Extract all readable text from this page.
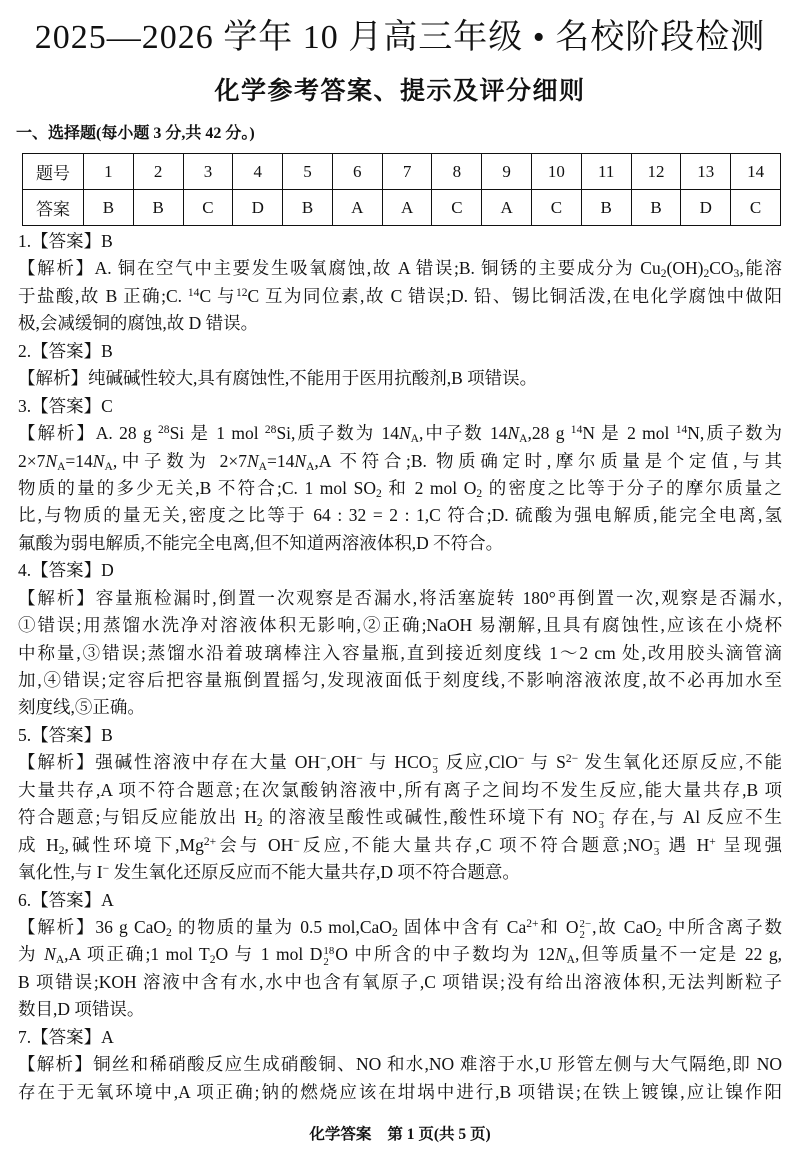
2025—2026 学年 10 月高三年级 • 名校阶段检测
化学参考答案、提示及评分细则
一、选择题(每小题 3 分,共 42 分。)
题号	1	2	3	4	5	6	7	8	9	10	11	12	13	14
答案	B	B	C	D	B	A	A	C	A	C	B	B	D	C
1.【答案】B
【解析】A. 铜在空气中主要发生吸氧腐蚀,故 A 错误;B. 铜锈的主要成分为 $Cu_2(OH)_2CO_3$,能溶
于盐酸,故 B 正确;C. $^{14}$C 与$^{12}$C 互为同位素,故 C 错误;D. 铅、锡比铜活泼,在电化学腐蚀中做阳
极,会减缓铜的腐蚀,故 D 错误。
2.【答案】B
【解析】纯碱碱性较大,具有腐蚀性,不能用于医用抗酸剂,B 项错误。
3.【答案】C
【解析】A. 28 g $^{28}$Si 是 1 mol $^{28}$Si,质子数为 $14N_A$,中子数 $14N_A,28$ g $^{14}$N 是 2 mol $^{14}$N,质子数为
$2\times 7N_A=14N_A$,中子数为 $2\times 7N_A=14N_A,A$ 不符合;B. 物质确定时,摩尔质量是个定值,与其
物质的量的多少无关,B 不符合;C. 1 mol $SO_2$ 和 2 mol $O_2$ 的密度之比等于分子的摩尔质量之
比,与物质的量无关,密度之比等于 64 : 32 = 2 : 1,C 符合;D. 硫酸为强电解质,能完全电离,氢
氟酸为弱电解质,不能完全电离,但不知道两溶液体积,D 不符合。
4.【答案】D
【解析】容量瓶检漏时,倒置一次观察是否漏水,将活塞旋转 180°再倒置一次,观察是否漏水,
①错误;用蒸馏水洗净对溶液体积无影响,②正确;NaOH 易潮解,且具有腐蚀性,应该在小烧杯
中称量,③错误;蒸馏水沿着玻璃棒注入容量瓶,直到接近刻度线 1～2 cm 处,改用胶头滴管滴
加,④错误;定容后把容量瓶倒置摇匀,发现液面低于刻度线,不影响溶液浓度,故不必再加水至
刻度线,⑤正确。
5.【答案】B
【解析】强碱性溶液中存在大量 OH−,OH− 与 HCO −
3 反应,ClO− 与 $S^{2-}$ 发生氧化还原反应,不能
大量共存,A 项不符合题意;在次氯酸钠溶液中,所有离子之间均不发生反应,能大量共存,B 项
符合题意;与铝反应能放出 $H_2$ 的溶液呈酸性或碱性,酸性环境下有 NO −
3 存在,与 Al 反应不生
成 $H_2$,碱性环境下$,Mg^{2+}$会与 OH−反应,不能大量共存,C 项不符合题意;NO −
3 遇 H+ 呈现强
氧化性,与 I− 发生氧化还原反应而不能大量共存,D 项不符合题意。
6.【答案】A
【解析】36 g CaO$_2$ 的物质的量为 0.5 mol,CaO$_2$ 固体中含有 $Ca^{2+}$和 O 2−
2 ,故 CaO$_2$ 中所含离子数
为 $N_A,A$ 项正确;1 mol $T_2O$ 与 1 mol D 18
2 O 中所含的中子数均为 $12N_A$,但等质量不一定是 22 g,
B 项错误;KOH 溶液中含有水,水中也含有氧原子,C 项错误;没有给出溶液体积,无法判断粒子
数目,D 项错误。
7.【答案】A
【解析】铜丝和稀硝酸反应生成硝酸铜、NO 和水,NO 难溶于水,U 形管左侧与大气隔绝,即 NO
存在于无氧环境中,A 项正确;钠的燃烧应该在坩埚中进行,B 项错误;在铁上镀镍,应让镍作阳
化学答案 第 1 页(共 5 页)
